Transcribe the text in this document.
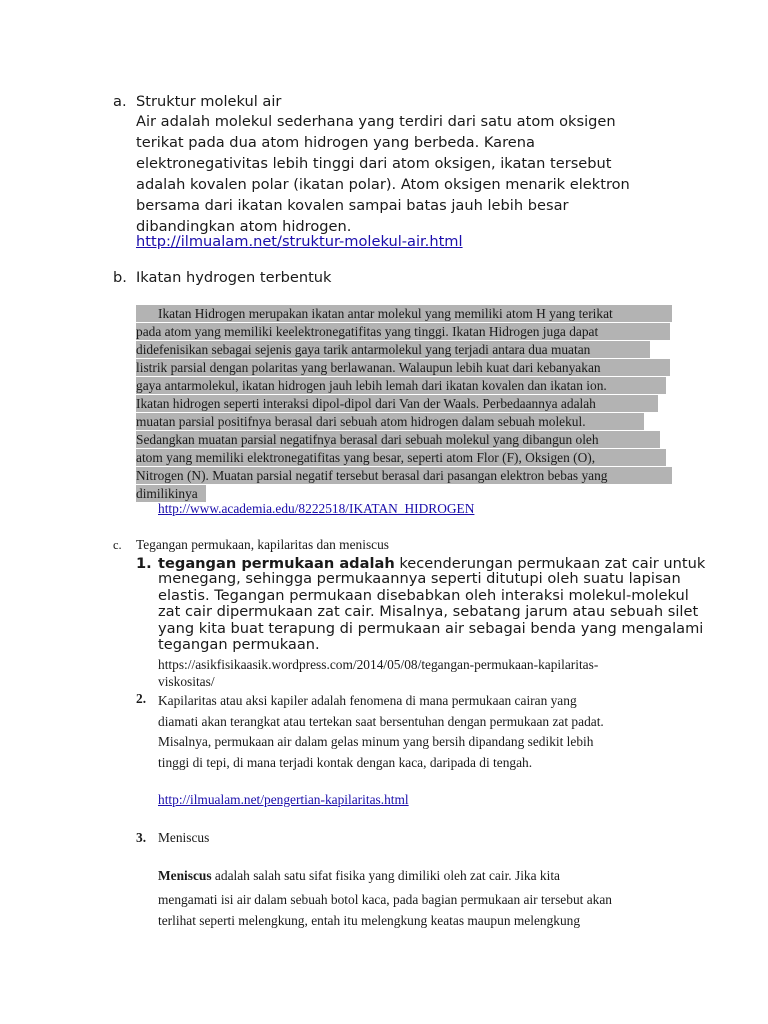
a. Struktur molekul air
Air adalah molekul sederhana yang terdiri dari satu atom oksigen
terikat pada dua atom hidrogen yang berbeda. Karena
elektronegativitas lebih tinggi dari atom oksigen, ikatan tersebut
adalah kovalen polar (ikatan polar). Atom oksigen menarik elektron
bersama dari ikatan kovalen sampai batas jauh lebih besar
dibandingkan atom hidrogen.
http://ilmualam.net/struktur-molekul-air.html
b. Ikatan hydrogen terbentuk
Ikatan Hidrogen merupakan ikatan antar molekul yang memiliki atom H yang terikat
pada atom yang memiliki keelektronegatifitas yang tinggi. Ikatan Hidrogen juga dapat
didefenisikan sebagai sejenis gaya tarik antarmolekul yang terjadi antara dua muatan
listrik parsial dengan polaritas yang berlawanan. Walaupun lebih kuat dari kebanyakan
gaya antarmolekul, ikatan hidrogen jauh lebih lemah dari ikatan kovalen dan ikatan ion.
Ikatan hidrogen seperti interaksi dipol-dipol dari Van der Waals. Perbedaannya adalah
muatan parsial positifnya berasal dari sebuah atom hidrogen dalam sebuah molekul.
Sedangkan muatan parsial negatifnya berasal dari sebuah molekul yang dibangun oleh
atom yang memiliki elektronegatifitas yang besar, seperti atom Flor (F), Oksigen (O),
Nitrogen (N). Muatan parsial negatif tersebut berasal dari pasangan elektron bebas yang
dimilikinya
http://www.academia.edu/8222518/IKATAN_HIDROGEN
c. Tegangan permukaan, kapilaritas dan meniscus
1. tegangan permukaan adalah kecenderungan permukaan zat cair untuk
menegang, sehingga permukaannya seperti ditutupi oleh suatu lapisan
elastis. Tegangan permukaan disebabkan oleh interaksi molekul-molekul
zat cair dipermukaan zat cair. Misalnya, sebatang jarum atau sebuah silet
yang kita buat terapung di permukaan air sebagai benda yang mengalami
tegangan permukaan.
https://asikfisikaasik.wordpress.com/2014/05/08/tegangan-permukaan-kapilaritas-
viskositas/
2. Kapilaritas atau aksi kapiler adalah fenomena di mana permukaan cairan yang
diamati akan terangkat atau tertekan saat bersentuhan dengan permukaan zat padat.
Misalnya, permukaan air dalam gelas minum yang bersih dipandang sedikit lebih
tinggi di tepi, di mana terjadi kontak dengan kaca, daripada di tengah.
http://ilmualam.net/pengertian-kapilaritas.html
3. Meniscus
Meniscus adalah salah satu sifat fisika yang dimiliki oleh zat cair. Jika kita
mengamati isi air dalam sebuah botol kaca, pada bagian permukaan air tersebut akan
terlihat seperti melengkung, entah itu melengkung keatas maupun melengkung
